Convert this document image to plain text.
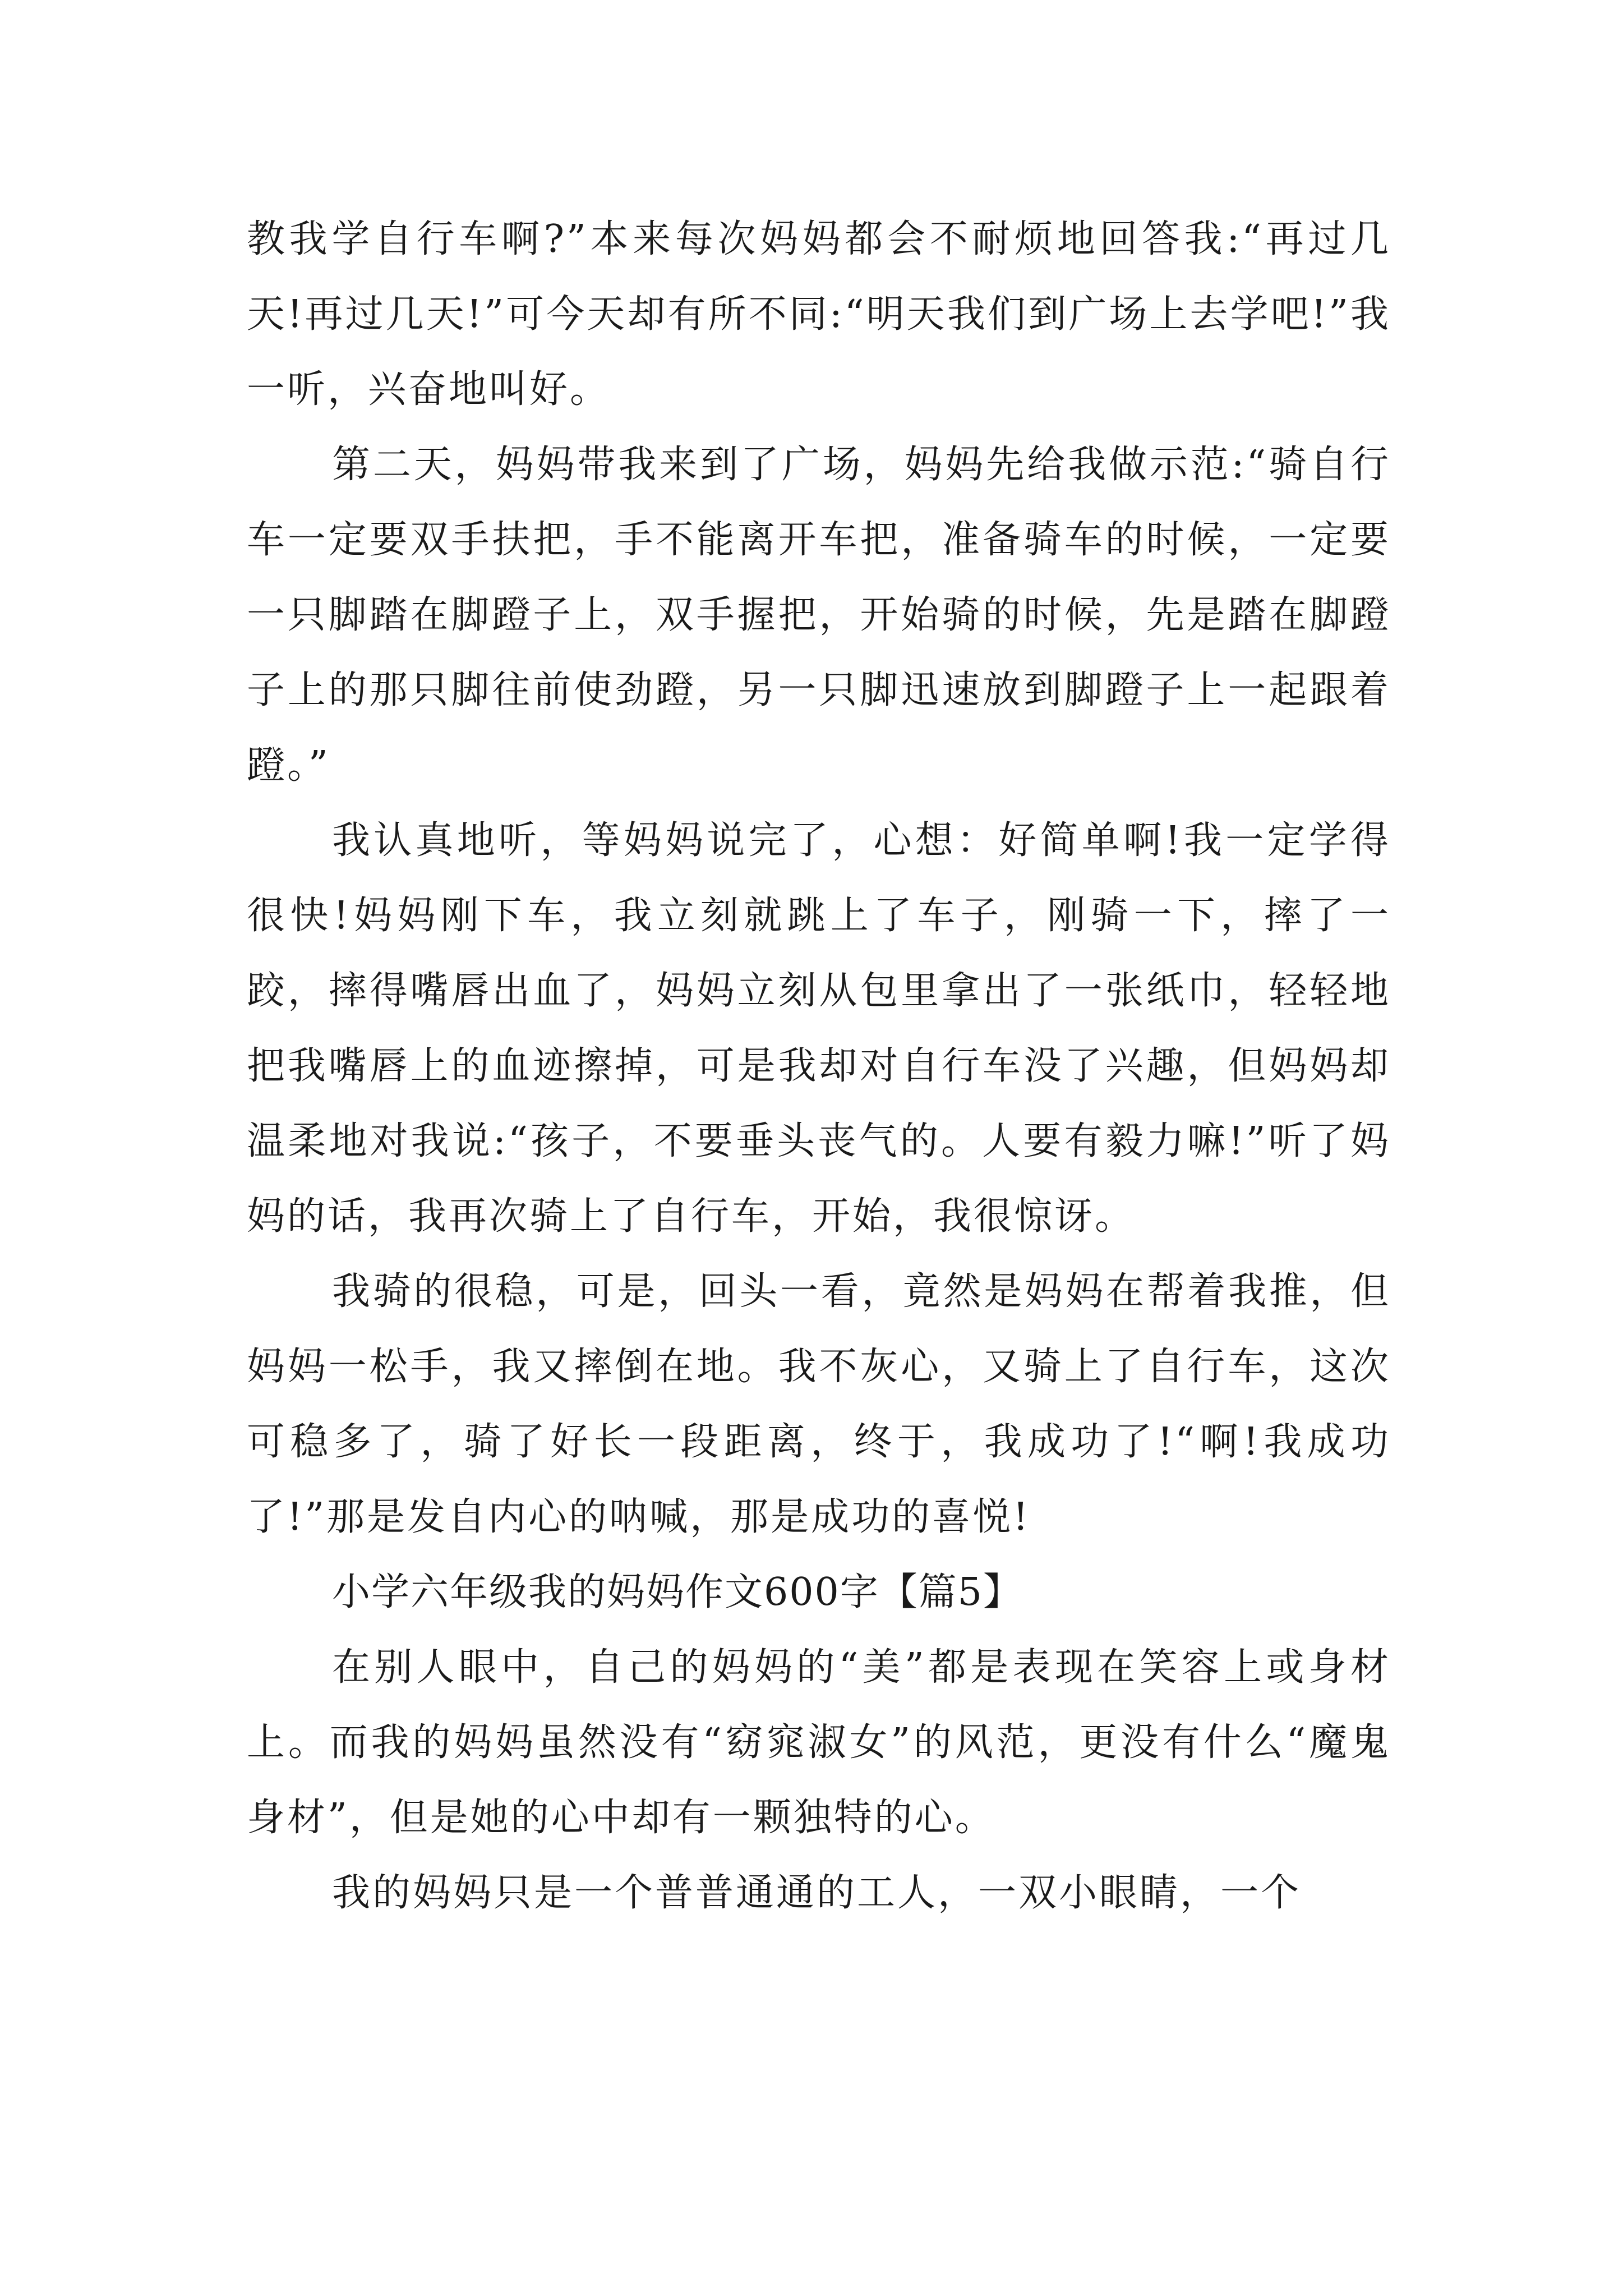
教我学自行车啊?”本来每次妈妈都会不耐烦地回答我:“再过几天!再过几天!”可今天却有所不同:“明天我们到广场上去学吧!”我一听，兴奋地叫好。

第二天，妈妈带我来到了广场，妈妈先给我做示范:“骑自行车一定要双手扶把，手不能离开车把，准备骑车的时候，一定要一只脚踏在脚蹬子上，双手握把，开始骑的时候，先是踏在脚蹬子上的那只脚往前使劲蹬，另一只脚迅速放到脚蹬子上一起跟着蹬。”

我认真地听，等妈妈说完了，心想：好简单啊!我一定学得很快!妈妈刚下车，我立刻就跳上了车子，刚骑一下，摔了一跤，摔得嘴唇出血了，妈妈立刻从包里拿出了一张纸巾，轻轻地把我嘴唇上的血迹擦掉，可是我却对自行车没了兴趣，但妈妈却温柔地对我说:“孩子，不要垂头丧气的。人要有毅力嘛!”听了妈妈的话，我再次骑上了自行车，开始，我很惊讶。

我骑的很稳，可是，回头一看，竟然是妈妈在帮着我推，但妈妈一松手，我又摔倒在地。我不灰心，又骑上了自行车，这次可稳多了，骑了好长一段距离，终于，我成功了!“啊!我成功了!”那是发自内心的呐喊，那是成功的喜悦!

小学六年级我的妈妈作文600字【篇5】

在别人眼中，自己的妈妈的“美”都是表现在笑容上或身材上。而我的妈妈虽然没有“窈窕淑女”的风范，更没有什么“魔鬼身材”，但是她的心中却有一颗独特的心。

我的妈妈只是一个普普通通的工人，一双小眼睛，一个
